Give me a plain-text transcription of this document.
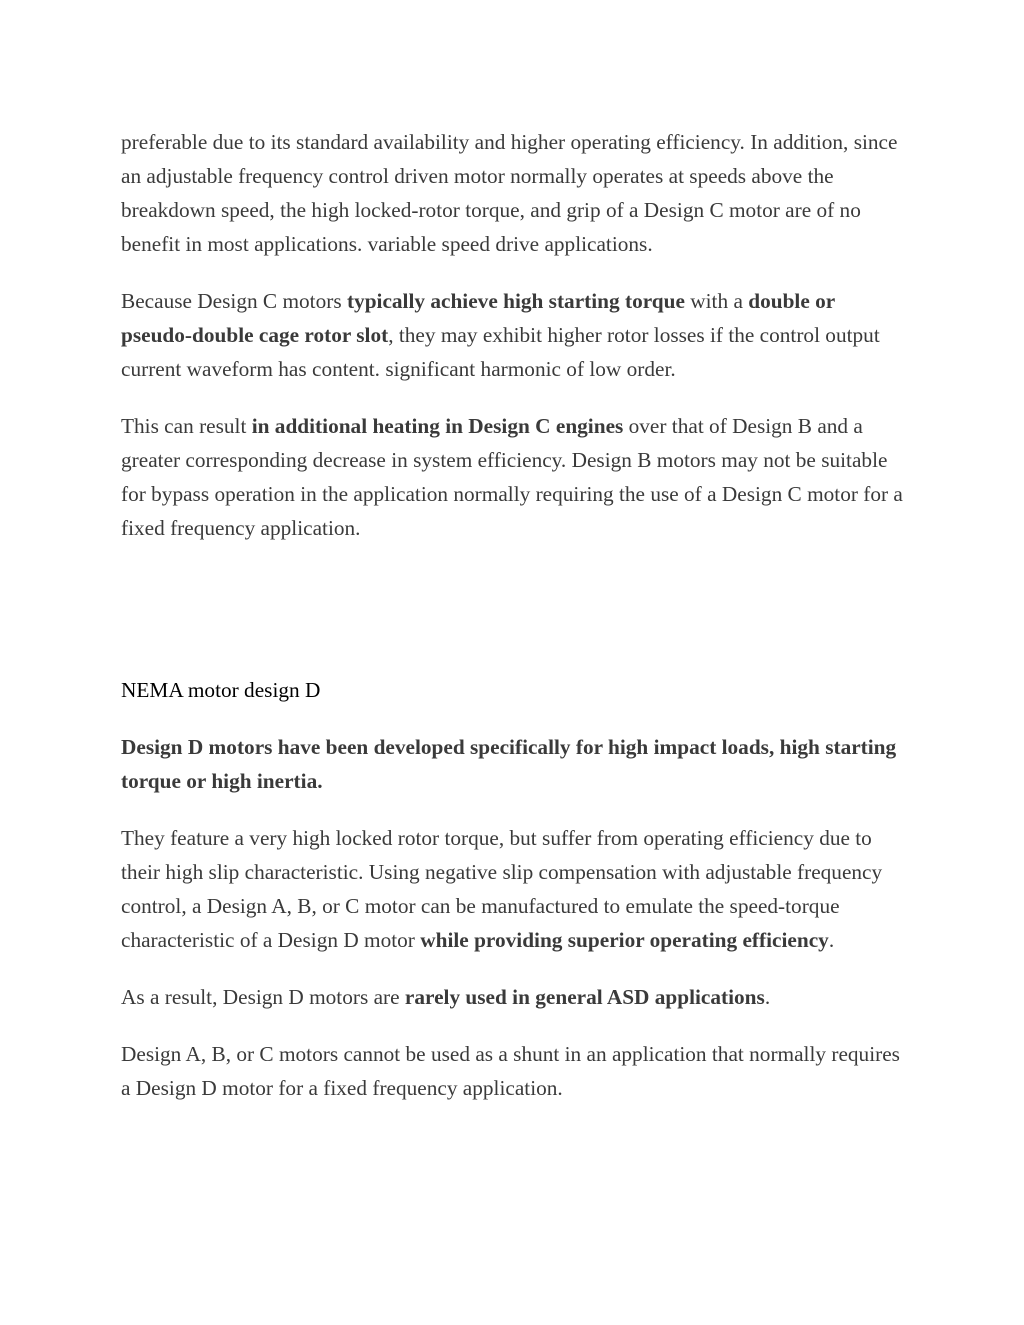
preferable due to its standard availability and higher operating efficiency. In addition, since an adjustable frequency control driven motor normally operates at speeds above the breakdown speed, the high locked-rotor torque, and grip of a Design C motor are of no benefit in most applications. variable speed drive applications.

Because Design C motors typically achieve high starting torque with a double or pseudo-double cage rotor slot, they may exhibit higher rotor losses if the control output current waveform has content. significant harmonic of low order.

This can result in additional heating in Design C engines over that of Design B and a greater corresponding decrease in system efficiency. Design B motors may not be suitable for bypass operation in the application normally requiring the use of a Design C motor for a fixed frequency application.

NEMA motor design D

Design D motors have been developed specifically for high impact loads, high starting torque or high inertia.

They feature a very high locked rotor torque, but suffer from operating efficiency due to their high slip characteristic. Using negative slip compensation with adjustable frequency control, a Design A, B, or C motor can be manufactured to emulate the speed-torque characteristic of a Design D motor while providing superior operating efficiency.

As a result, Design D motors are rarely used in general ASD applications.

Design A, B, or C motors cannot be used as a shunt in an application that normally requires a Design D motor for a fixed frequency application.
